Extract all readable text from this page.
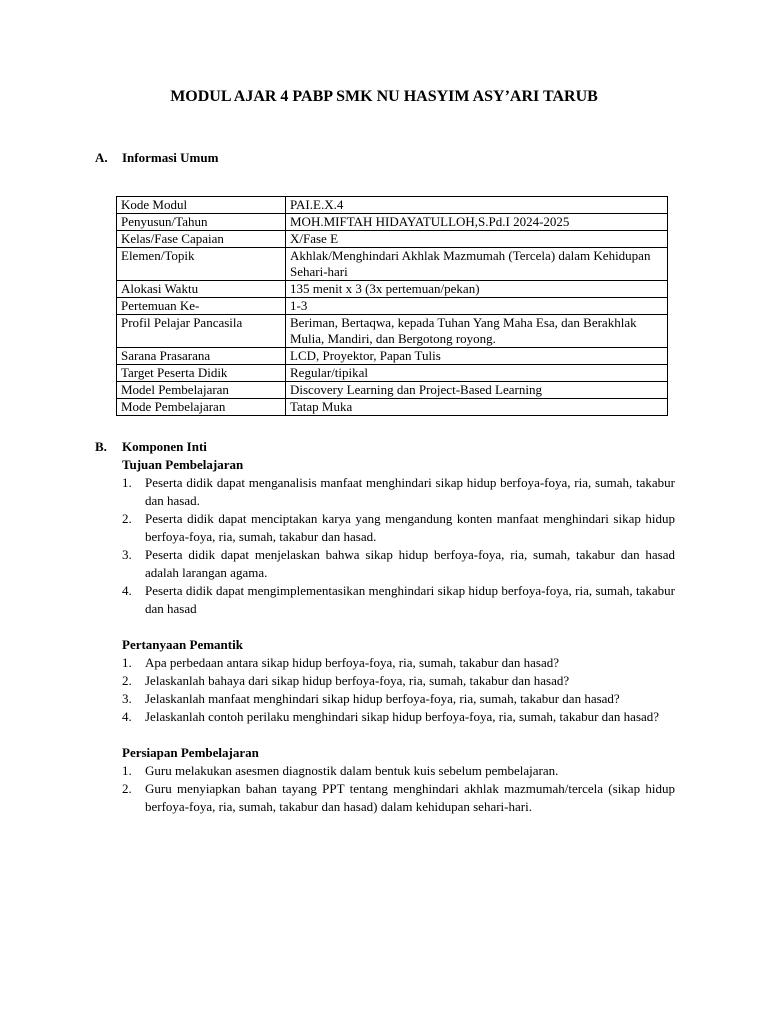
MODUL AJAR 4 PABP SMK NU HASYIM ASY’ARI TARUB
A. Informasi Umum
Kode Modul	PAI.E.X.4
Penyusun/Tahun	MOH.MIFTAH HIDAYATULLOH,S.Pd.I 2024-2025
Kelas/Fase Capaian	X/Fase E
Elemen/Topik	Akhlak/Menghindari Akhlak Mazmumah (Tercela) dalam Kehidupan Sehari-hari
Alokasi Waktu	135 menit x 3 (3x pertemuan/pekan)
Pertemuan Ke-	1-3
Profil Pelajar Pancasila	Beriman, Bertaqwa, kepada Tuhan Yang Maha Esa, dan Berakhlak Mulia, Mandiri, dan Bergotong royong.
Sarana Prasarana	LCD, Proyektor, Papan Tulis
Target Peserta Didik	Regular/tipikal
Model Pembelajaran	Discovery Learning dan Project-Based Learning
Mode Pembelajaran	Tatap Muka
B. Komponen Inti
Tujuan Pembelajaran
1. Peserta didik dapat menganalisis manfaat menghindari sikap hidup berfoya-foya, ria, sumah, takabur dan hasad.
2. Peserta didik dapat menciptakan karya yang mengandung konten manfaat menghindari sikap hidup berfoya-foya, ria, sumah, takabur dan hasad.
3. Peserta didik dapat menjelaskan bahwa sikap hidup berfoya-foya, ria, sumah, takabur dan hasad adalah larangan agama.
4. Peserta didik dapat mengimplementasikan menghindari sikap hidup berfoya-foya, ria, sumah, takabur dan hasad
Pertanyaan Pemantik
1. Apa perbedaan antara sikap hidup berfoya-foya, ria, sumah, takabur dan hasad?
2. Jelaskanlah bahaya dari sikap hidup berfoya-foya, ria, sumah, takabur dan hasad?
3. Jelaskanlah manfaat menghindari sikap hidup berfoya-foya, ria, sumah, takabur dan hasad?
4. Jelaskanlah contoh perilaku menghindari sikap hidup berfoya-foya, ria, sumah, takabur dan hasad?
Persiapan Pembelajaran
1. Guru melakukan asesmen diagnostik dalam bentuk kuis sebelum pembelajaran.
2. Guru menyiapkan bahan tayang PPT tentang menghindari akhlak mazmumah/tercela (sikap hidup berfoya-foya, ria, sumah, takabur dan hasad) dalam kehidupan sehari-hari.
